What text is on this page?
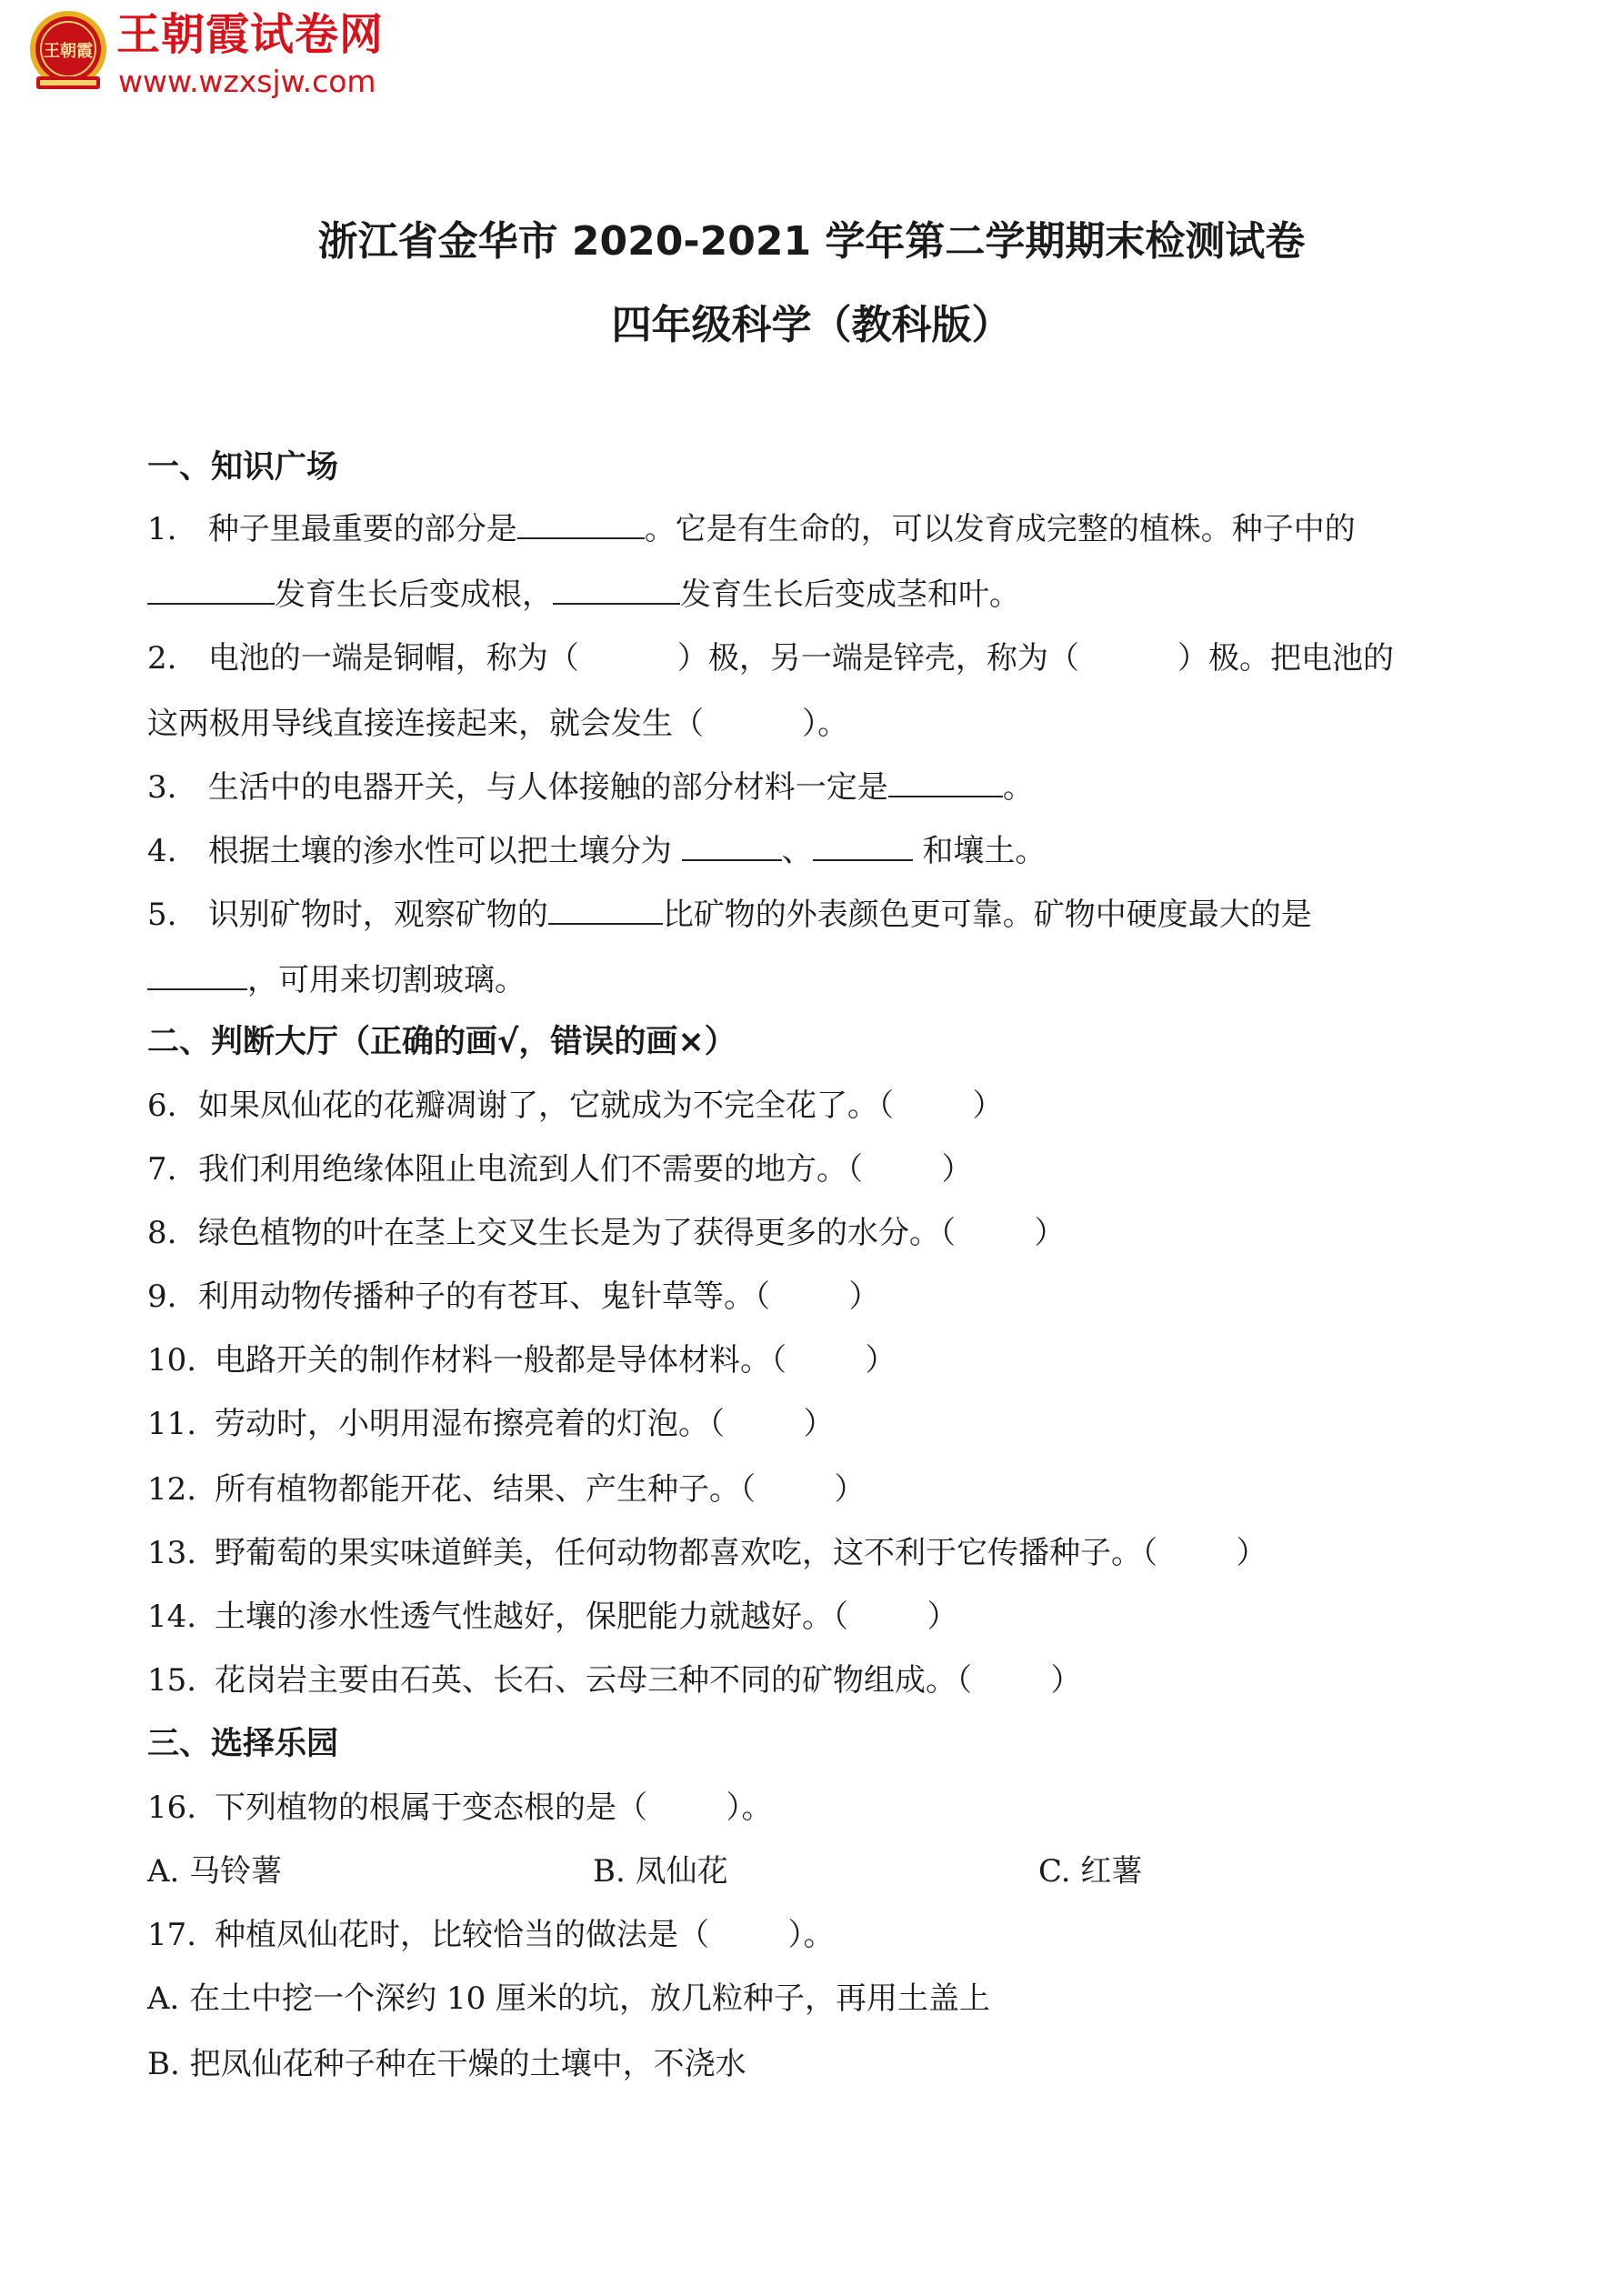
王朝霞 王朝霞试卷网
www.wzxsjw.com
浙江省金华市 2020-2021 学年第二学期期末检测试卷
四年级科学（教科版）
一、知识广场
1. 种子里最重要的部分是	。它是有生命的，可以发育成完整的植株。种子中的
发育生长后变成根，	发育生长后变成茎和叶。
2. 电池的一端是铜帽，称为（          ）极，另一端是锌壳，称为（          ）极。把电池的
这两极用导线直接连接起来，就会发生（          ）。
3. 生活中的电器开关，与人体接触的部分材料一定是	。
4. 根据土壤的渗水性可以把土壤分为	、	和壤土。
5. 识别矿物时，观察矿物的	比矿物的外表颜色更可靠。矿物中硬度最大的是
，可用来切割玻璃。
二、判断大厅（正确的画√，错误的画×）
6. 如果凤仙花的花瓣凋谢了，它就成为不完全花了。（        ）
7. 我们利用绝缘体阻止电流到人们不需要的地方。（        ）
8. 绿色植物的叶在茎上交叉生长是为了获得更多的水分。（        ）
9. 利用动物传播种子的有苍耳、鬼针草等。（        ）
10. 电路开关的制作材料一般都是导体材料。（        ）
11. 劳动时，小明用湿布擦亮着的灯泡。（        ）
12. 所有植物都能开花、结果、产生种子。（        ）
13. 野葡萄的果实味道鲜美，任何动物都喜欢吃，这不利于它传播种子。（        ）
14. 土壤的渗水性透气性越好，保肥能力就越好。（        ）
15. 花岗岩主要由石英、长石、云母三种不同的矿物组成。（        ）
三、选择乐园
16. 下列植物的根属于变态根的是（        ）。
A. 马铃薯	B. 凤仙花	C. 红薯
17. 种植凤仙花时，比较恰当的做法是（        ）。
A. 在土中挖一个深约 10 厘米的坑，放几粒种子，再用土盖上
B. 把凤仙花种子种在干燥的土壤中，不浇水
